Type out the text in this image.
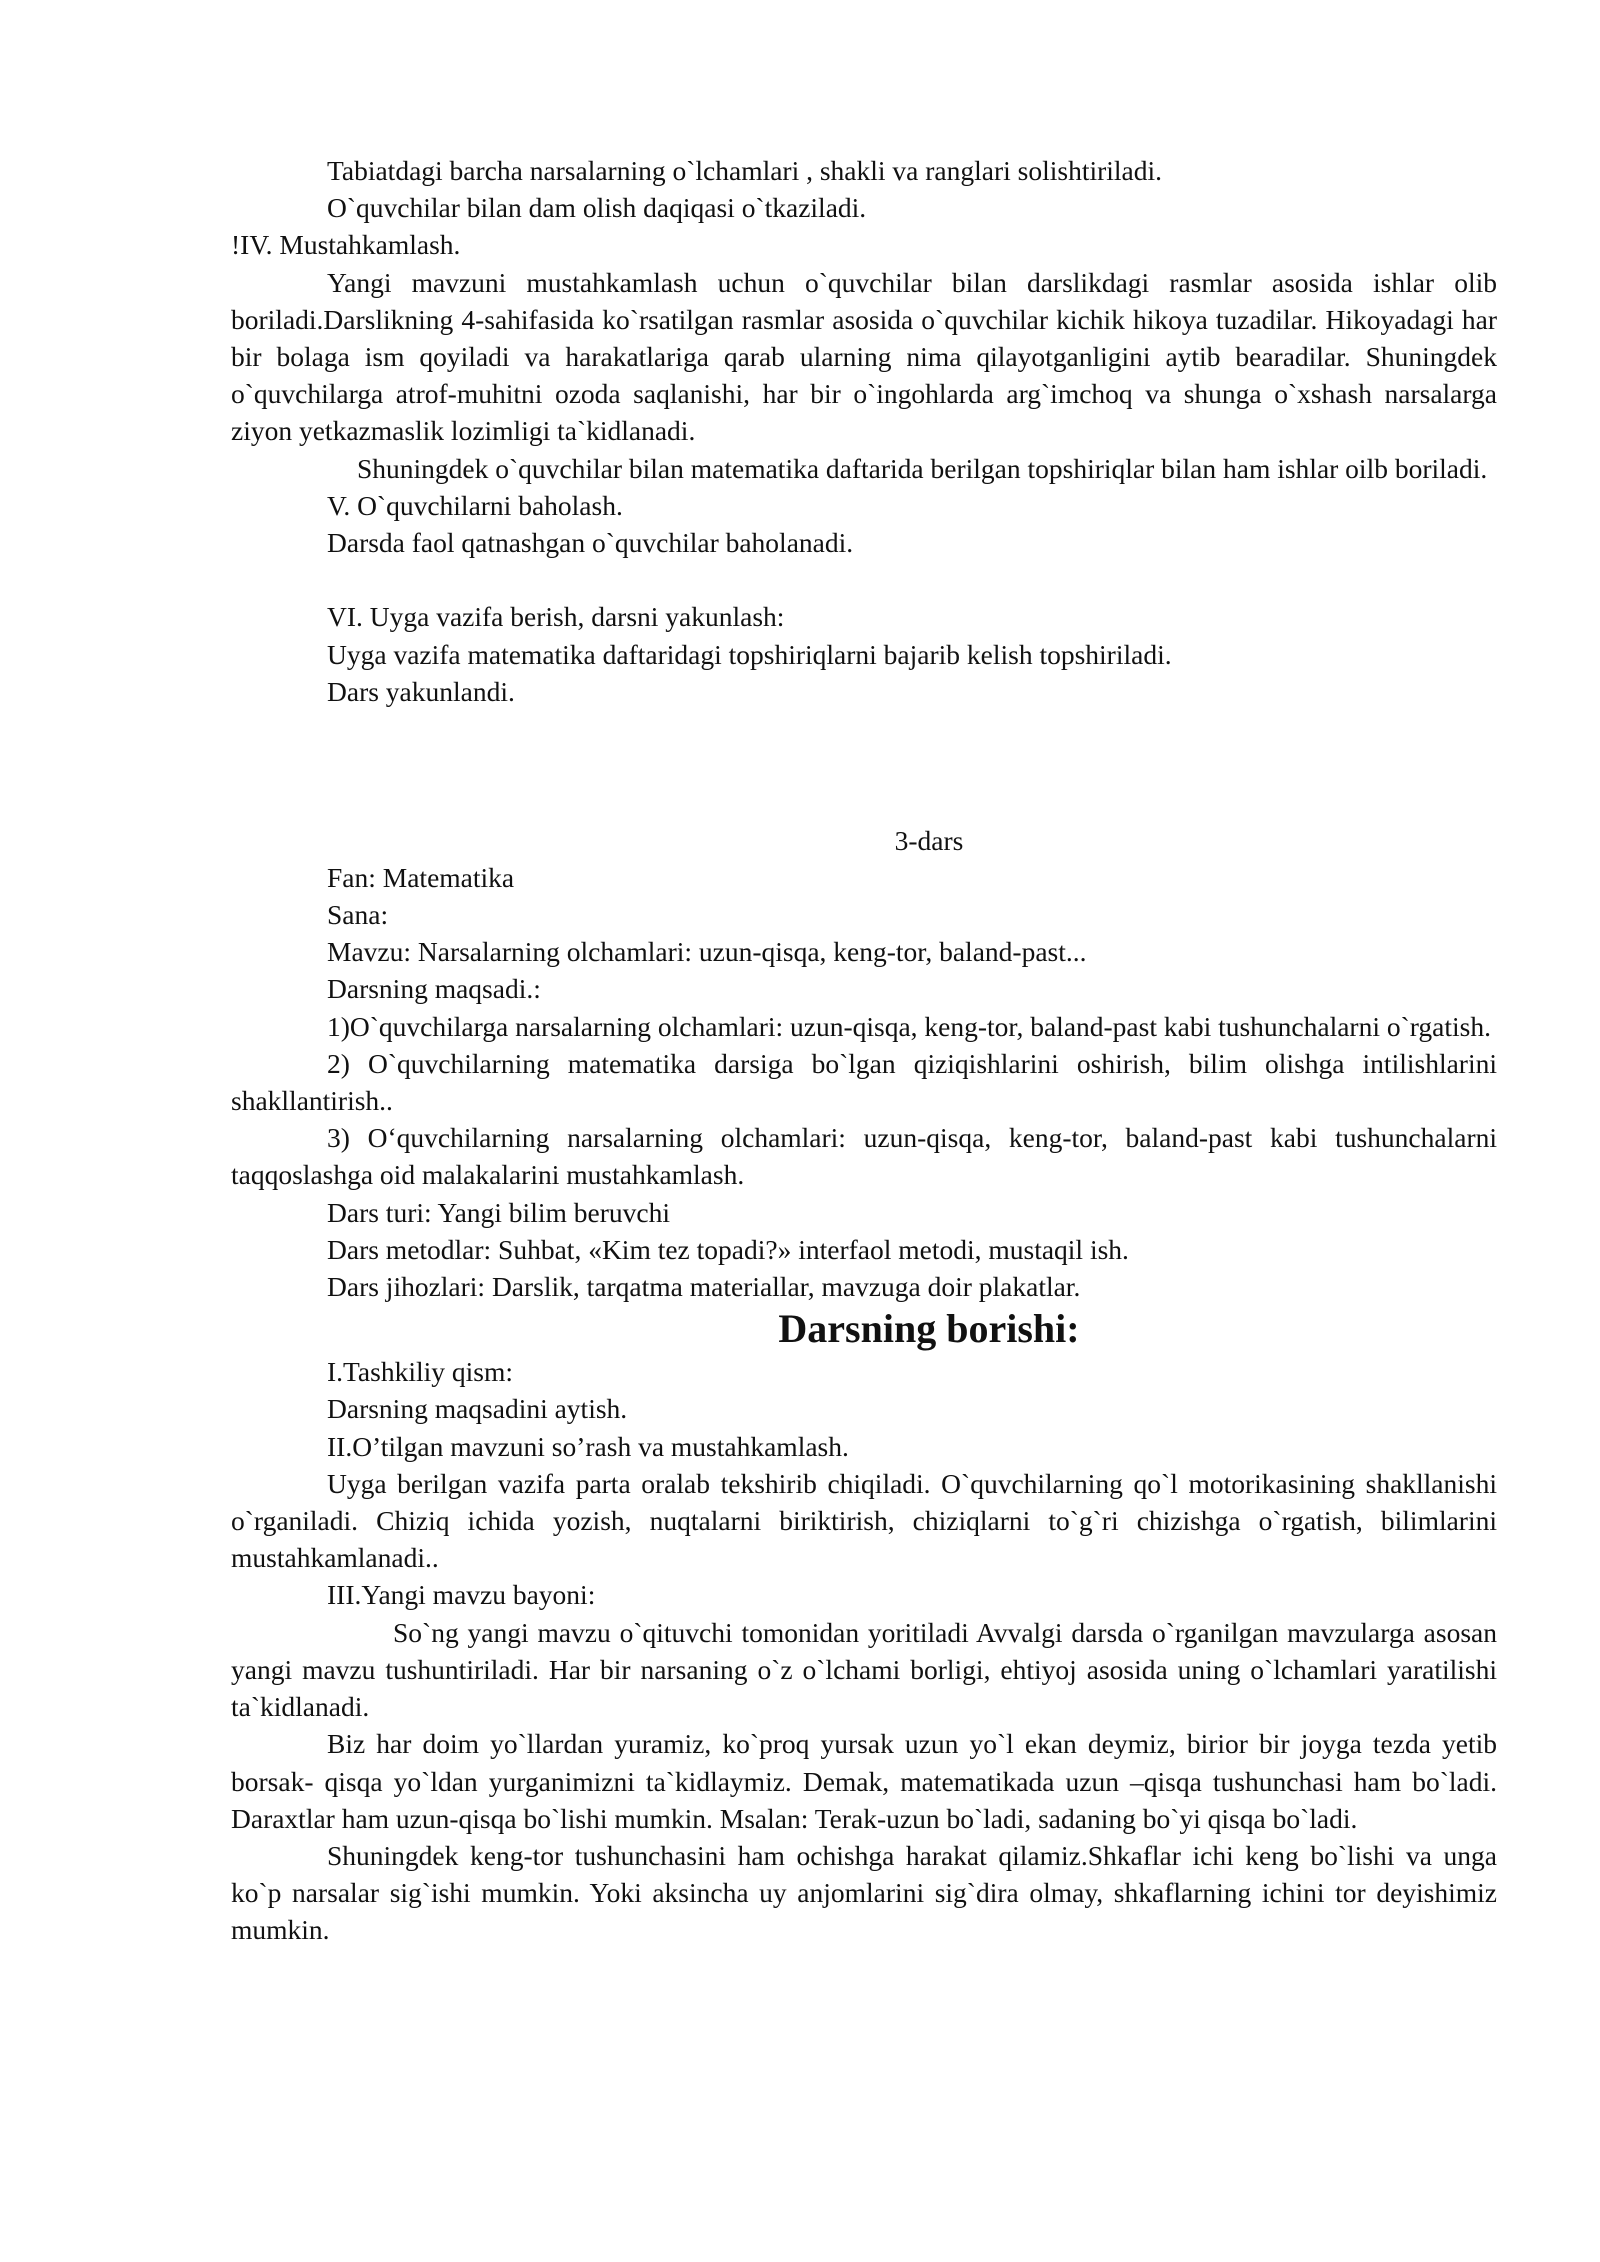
Tabiatdagi barcha narsalarning o`lchamlari , shakli va ranglari solishtiriladi.

O`quvchilar bilan dam olish daqiqasi o`tkaziladi.

!IV. Mustahkamlash.

Yangi mavzuni mustahkamlash uchun o`quvchilar bilan darslikdagi rasmlar asosida ishlar olib boriladi.Darslikning 4-sahifasida ko`rsatilgan rasmlar asosida o`quvchilar kichik hikoya tuzadilar. Hikoyadagi har bir bolaga ism qoyiladi va harakatlariga qarab ularning nima qilayotganligini aytib bearadilar. Shuningdek o`quvchilarga atrof-muhitni ozoda saqlanishi, har bir o`ingohlarda arg`imchoq va shunga o`xshash narsalarga ziyon yetkazmaslik lozimligi ta`kidlanadi.

Shuningdek o`quvchilar bilan matematika daftarida berilgan topshiriqlar bilan ham ishlar oilb boriladi.

V. O`quvchilarni baholash.

Darsda faol qatnashgan o`quvchilar baholanadi.

VI. Uyga vazifa berish, darsni yakunlash:

Uyga vazifa matematika daftaridagi topshiriqlarni bajarib kelish topshiriladi.

Dars yakunlandi.

3-dars

Fan: Matematika

Sana:

Mavzu: Narsalarning olchamlari: uzun-qisqa, keng-tor, baland-past...

Darsning maqsadi.:

1)O`quvchilarga narsalarning olchamlari: uzun-qisqa, keng-tor, baland-past kabi tushunchalarni o`rgatish.

2) O`quvchilarning matematika darsiga bo`lgan qiziqishlarini oshirish, bilim olishga intilishlarini shakllantirish..

3) O‘quvchilarning narsalarning olchamlari: uzun-qisqa, keng-tor, baland-past kabi tushunchalarni taqqoslashga oid malakalarini mustahkamlash.

Dars turi: Yangi bilim beruvchi

Dars metodlar: Suhbat, «Kim tez topadi?» interfaol metodi, mustaqil ish.

Dars jihozlari: Darslik, tarqatma materiallar, mavzuga doir plakatlar.

Darsning borishi:

I.Tashkiliy qism:

Darsning maqsadini aytish.

II.O’tilgan mavzuni so’rash va mustahkamlash.

Uyga berilgan vazifa parta oralab tekshirib chiqiladi. O`quvchilarning qo`l motorikasining shakllanishi o`rganiladi. Chiziq ichida yozish, nuqtalarni biriktirish, chiziqlarni to`g`ri chizishga o`rgatish, bilimlarini mustahkamlanadi..

III.Yangi mavzu bayoni:

So`ng yangi mavzu o`qituvchi tomonidan yoritiladi Avvalgi darsda o`rganilgan mavzularga asosan yangi mavzu tushuntiriladi. Har bir narsaning o`z o`lchami borligi, ehtiyoj asosida uning o`lchamlari yaratilishi ta`kidlanadi.

Biz har doim yo`llardan yuramiz, ko`proq yursak uzun yo`l ekan deymiz, birior bir joyga tezda yetib borsak- qisqa yo`ldan yurganimizni ta`kidlaymiz. Demak, matematikada uzun –qisqa tushunchasi ham bo`ladi. Daraxtlar ham uzun-qisqa bo`lishi mumkin. Msalan: Terak-uzun bo`ladi, sadaning bo`yi qisqa bo`ladi.

Shuningdek keng-tor tushunchasini ham ochishga harakat qilamiz.Shkaflar ichi keng bo`lishi va unga ko`p narsalar sig`ishi mumkin. Yoki aksincha uy anjomlarini sig`dira olmay, shkaflarning ichini tor deyishimiz mumkin.
